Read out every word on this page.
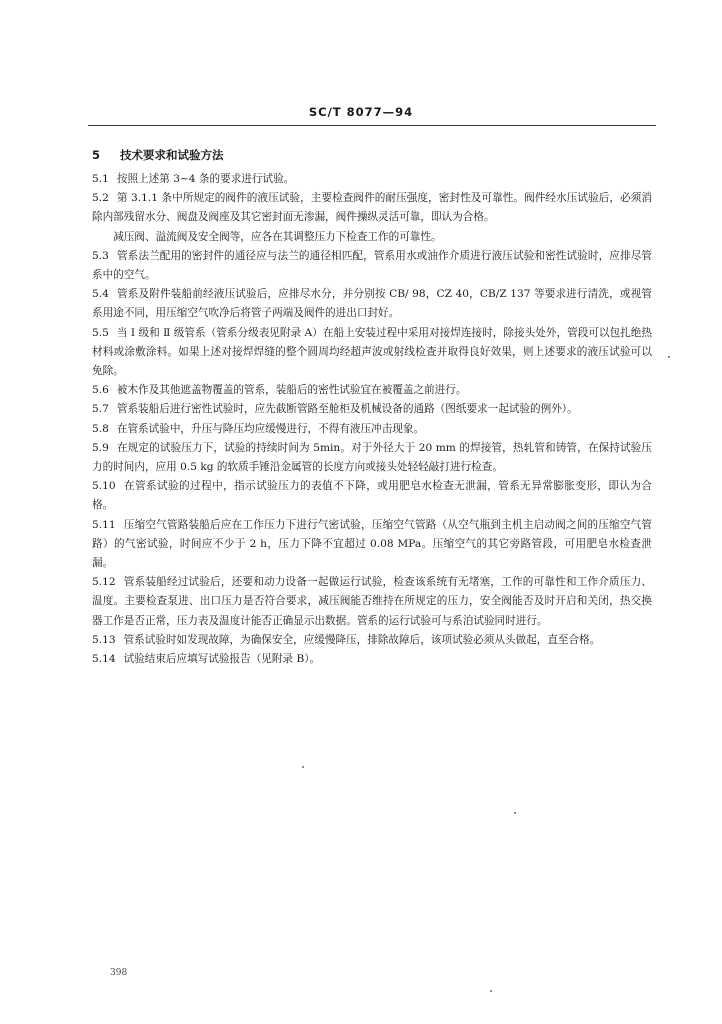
SC/T 8077—94
5 技术要求和试验方法

5.1 按照上述第 3~4 条的要求进行试验。

5.2 第 3.1.1 条中所规定的阀件的液压试验，主要检查阀件的耐压强度，密封性及可靠性。阀件经水压试验后，必须消除内部残留水分、阀盘及阀座及其它密封面无渗漏，阀件操纵灵活可靠，即认为合格。

减压阀、溢流阀及安全阀等，应各在其调整压力下检查工作的可靠性。

5.3 管系法兰配用的密封件的通径应与法兰的通径相匹配，管系用水或油作介质进行液压试验和密性试验时，应排尽管系中的空气。

5.4 管系及附件装船前经液压试验后，应排尽水分，并分别按 CB/ 98，CZ 40，CB/Z 137 等要求进行清洗，或视管系用途不同，用压缩空气吹净后将管子两端及阀件的进出口封好。

5.5 当 Ⅰ 级和 Ⅱ 级管系（管系分级表见附录 A）在船上安装过程中采用对接焊连接时，除接头处外，管段可以包扎绝热材料或涂敷涂料。如果上述对接焊焊缝的整个圆周均经超声波或射线检查并取得良好效果，则上述要求的液压试验可以免除。

5.6 被木作及其他遮盖物覆盖的管系，装船后的密性试验宜在被覆盖之前进行。

5.7 管系装船后进行密性试验时，应先截断管路至舱柜及机械设备的通路（图纸要求一起试验的例外）。

5.8 在管系试验中，升压与降压均应缓慢进行，不得有液压冲击现象。

5.9 在规定的试验压力下，试验的持续时间为 5min。对于外径大于 20 mm 的焊接管，热轧管和铸管，在保持试验压力的时间内，应用 0.5 kg 的软质手锤沿金属管的长度方向或接头处轻轻敲打进行检查。

5.10 在管系试验的过程中，指示试验压力的表值不下降，或用肥皂水检查无泄漏，管系无异常膨胀变形，即认为合格。

5.11 压缩空气管路装船后应在工作压力下进行气密试验，压缩空气管路（从空气瓶到主机主启动阀之间的压缩空气管路）的气密试验，时间应不少于 2 h，压力下降不宜超过 0.08 MPa。压缩空气的其它旁路管段，可用肥皂水检查泄漏。

5.12 管系装船经过试验后，还要和动力设备一起做运行试验，检查该系统有无堵塞，工作的可靠性和工作介质压力、温度。主要检查泵进、出口压力是否符合要求，减压阀能否维持在所规定的压力，安全阀能否及时开启和关闭，热交换器工作是否正常，压力表及温度计能否正确显示出数据。管系的运行试验可与系泊试验同时进行。

5.13 管系试验时如发现故障，为确保安全，应缓慢降压，排除故障后，该项试验必须从头做起，直至合格。

5.14 试验结束后应填写试验报告（见附录 B）。

398
